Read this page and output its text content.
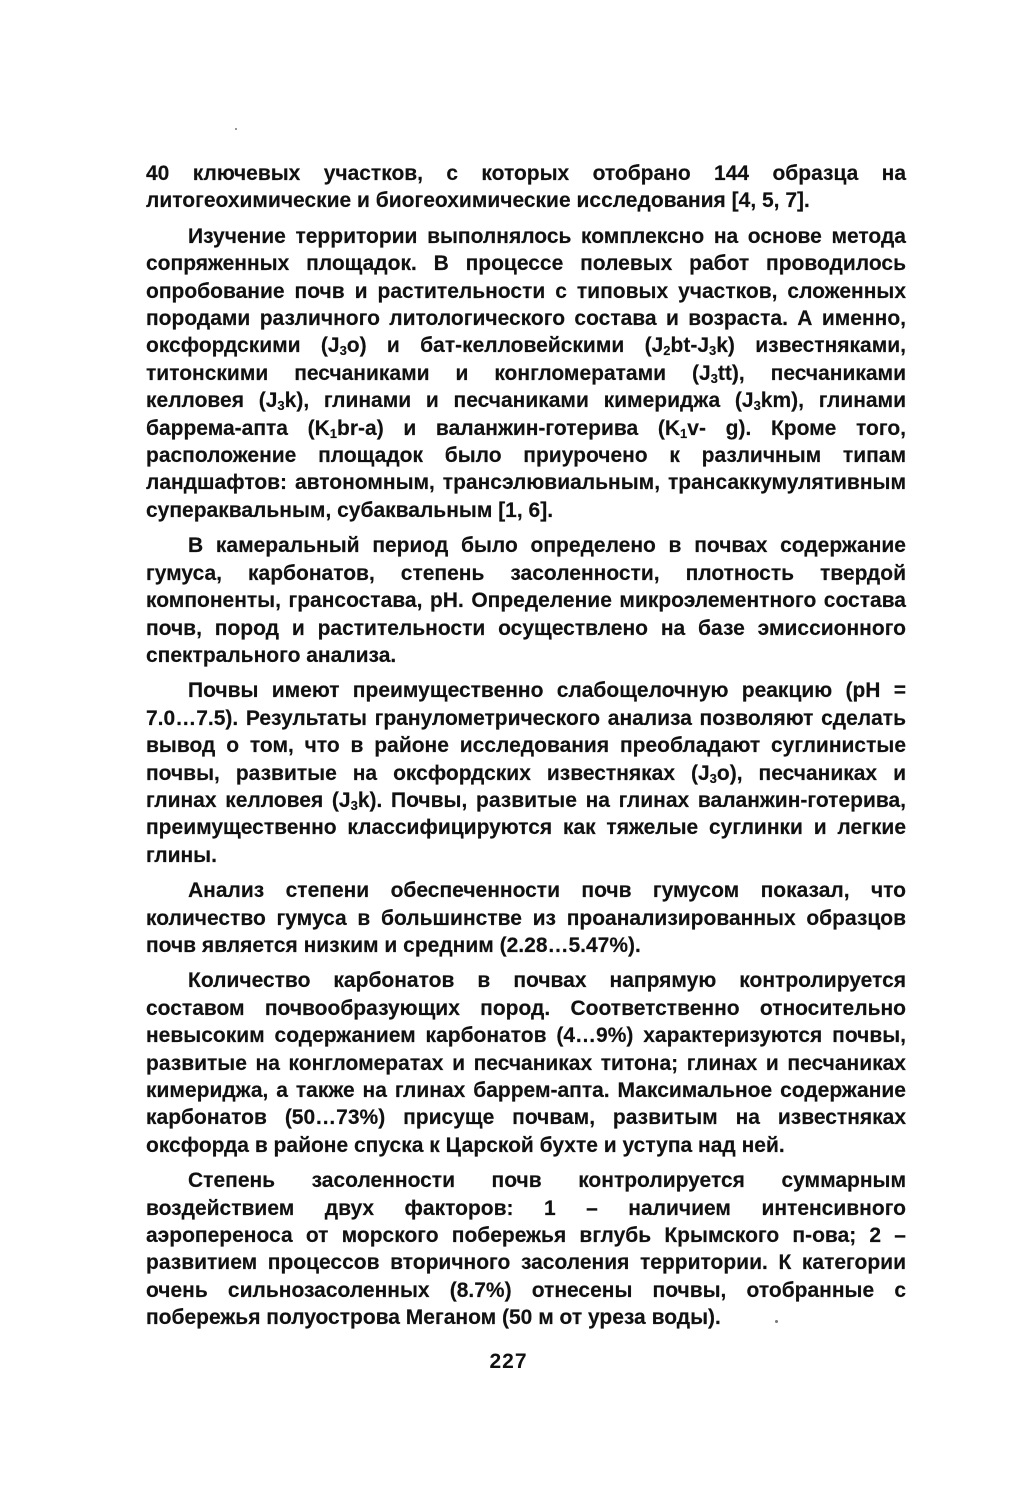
40 ключевых участков, с которых отобрано 144 образца на литогеохимические и биогеохимические исследования [4, 5, 7].

  Изучение территории выполнялось комплексно на основе метода сопряженных площадок. В процессе полевых работ проводилось опробование почв и растительности с типовых участков, сложенных породами различного литологического состава и возраста. А именно, оксфордскими $(J_3o)$ и бат-келловейскими $(J_2bt-J_3k)$ известняками, титонскими песчаниками и конгломератами $(J_3tt)$, песчаниками келловея $(J_3k)$, глинами и песчаниками кимериджа $(J_3km)$, глинами баррема-апта $(K_1br-a)$ и валанжин-готерива ($K_1v-$ g). Кроме того, расположение площадок было приурочено к различным типам ландшафтов: автономным, трансэлювиальным, трансаккумулятивным супераквальным, субаквальным [1, 6].

  В камеральный период было определено в почвах содержание гумуса, карбонатов, степень засоленности, плотность твердой компоненты, грансостава, pH. Определение микроэлементного состава почв, пород и растительности осуществлено на базе эмиссионного спектрального анализа.

  Почвы имеют преимущественно слабощелочную реакцию (pH = 7.0…7.5). Результаты гранулометрического анализа позволяют сделать вывод о том, что в районе исследования преобладают суглинистые почвы, развитые на оксфордских известняках $(J_3o)$, песчаниках и глинах келловея $(J_3k)$. Почвы, развитые на глинах валанжин-готерива, преимущественно классифицируются как тяжелые суглинки и легкие глины.

  Анализ степени обеспеченности почв гумусом показал, что количество гумуса в большинстве из проанализированных образцов почв является низким и средним (2.28…5.47%).

  Количество карбонатов в почвах напрямую контролируется составом почвообразующих пород. Соответственно относительно невысоким содержанием карбонатов (4…9%) характеризуются почвы, развитые на конгломератах и песчаниках титона; глинах и песчаниках кимериджа, а также на глинах баррем-апта. Максимальное содержание карбонатов (50…73%) присуще почвам, развитым на известняках оксфорда в районе спуска к Царской бухте и уступа над ней.

  Степень засоленности почв контролируется суммарным воздействием двух факторов: 1 – наличием интенсивного аэропереноса от морского побережья вглубь Крымского п-ова; 2 – развитием процессов вторичного засоления территории. К категории очень сильнозасоленных (8.7%) отнесены почвы, отобранные с побережья полуострова Меганом (50 м от уреза воды).

227
